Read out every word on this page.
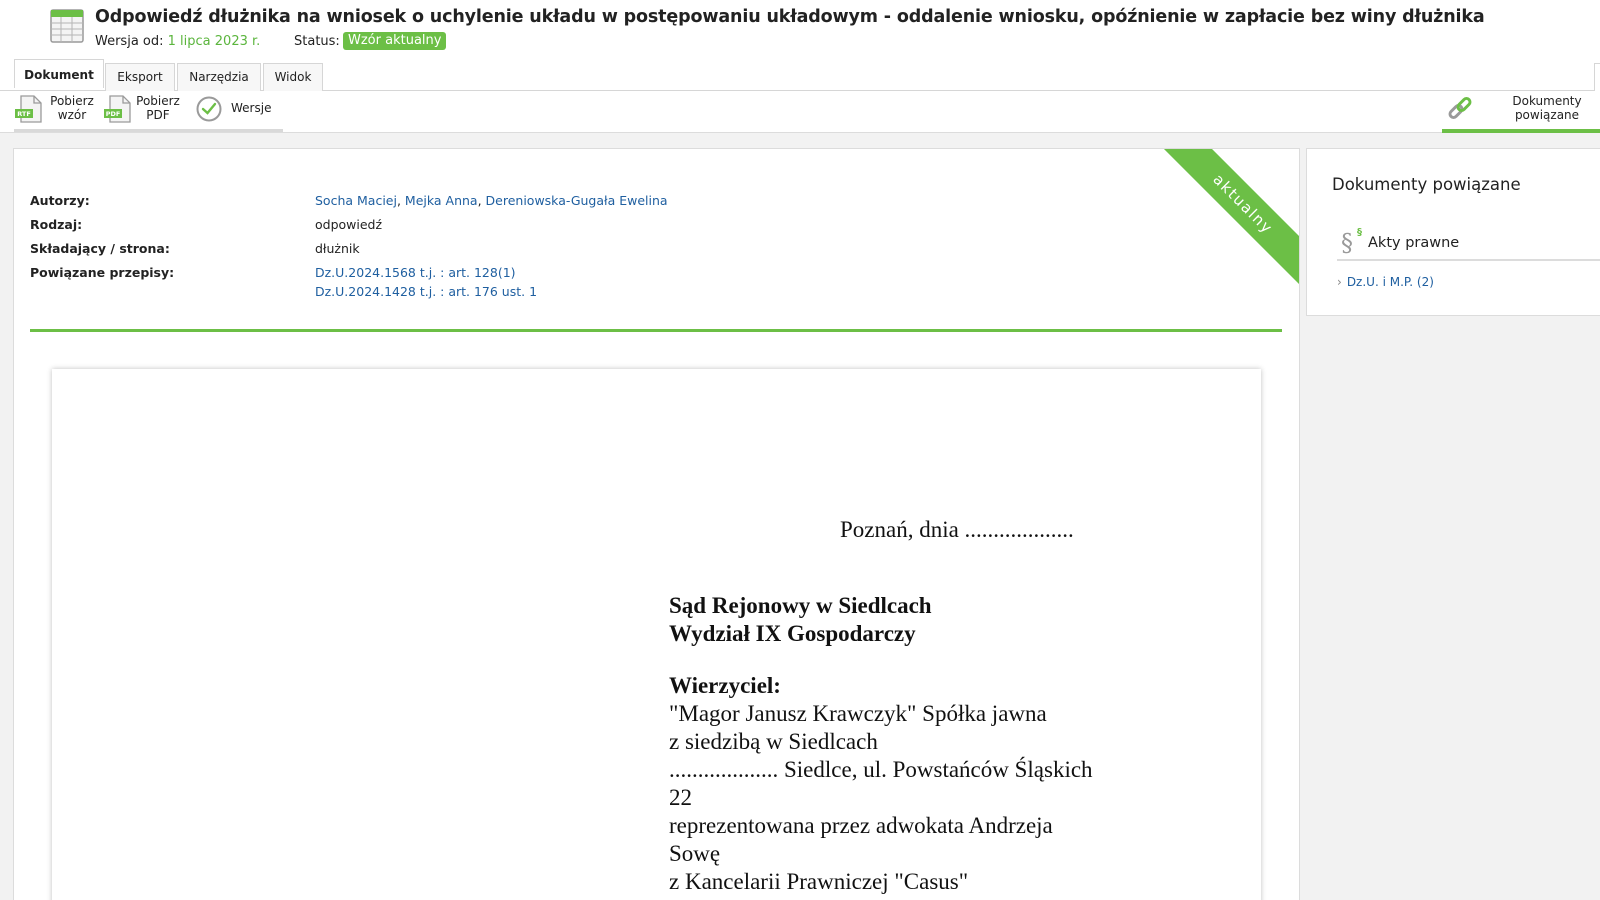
Odpowiedź dłużnika na wniosek o uchylenie układu w postępowaniu układowym - oddalenie wniosku, opóźnienie w zapłacie bez winy dłużnika
Wersja od: 1 lipca 2023 r.	Status: Wzór aktualny
Dokument	Eksport	Narzędzia	Widok
RTF
Pobierz
wzór	PDF
Pobierz
PDF	Wersje	Dokumenty
powiązane
aktualny
Autorzy:	Socha Maciej, Mejka Anna, Dereniowska-Gugała Ewelina
Rodzaj:	odpowiedź
Składający / strona:	dłużnik
Powiązane przepisy:	Dz.U.2024.1568 t.j. : art. 128(1)
Dz.U.2024.1428 t.j. : art. 176 ust. 1
Poznań, dnia ...................
Sąd Rejonowy w Siedlcach
Wydział IX Gospodarczy
Wierzyciel:
"Magor Janusz Krawczyk" Spółka jawna
z siedzibą w Siedlcach
................... Siedlce, ul. Powstańców Śląskich
22
reprezentowana przez adwokata Andrzeja
Sowę
z Kancelarii Prawniczej "Casus"
Dokumenty powiązane
§ §
Akty prawne
› Dz.U. i M.P. (2)
